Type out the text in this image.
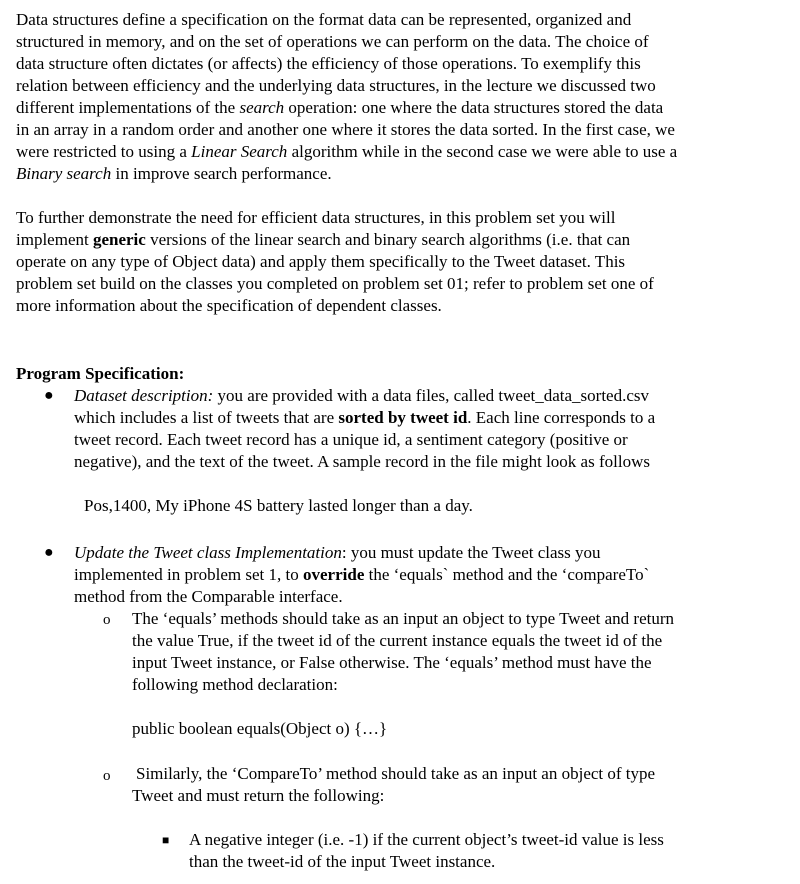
Data structures define a specification on the format data can be represented, organized and
structured in memory, and on the set of operations we can perform on the data. The choice of
data structure often dictates (or affects) the efficiency of those operations. To exemplify this
relation between efficiency and the underlying data structures, in the lecture we discussed two
different implementations of the search operation: one where the data structures stored the data
in an array in a random order and another one where it stores the data sorted. In the first case, we
were restricted to using a Linear Search algorithm while in the second case we were able to use a
Binary search in improve search performance.
To further demonstrate the need for efficient data structures, in this problem set you will
implement generic versions of the linear search and binary search algorithms (i.e. that can
operate on any type of Object data) and apply them specifically to the Tweet dataset. This
problem set build on the classes you completed on problem set 01; refer to problem set one of
more information about the specification of dependent classes.
Program Specification:
● Dataset description: you are provided with a data files, called tweet_data_sorted.csv
which includes a list of tweets that are sorted by tweet id. Each line corresponds to a
tweet record. Each tweet record has a unique id, a sentiment category (positive or
negative), and the text of the tweet. A sample record in the file might look as follows
Pos,1400, My iPhone 4S battery lasted longer than a day.
● Update the Tweet class Implementation: you must update the Tweet class you
implemented in problem set 1, to override the ‘equals` method and the ‘compareTo`
method from the Comparable interface.
o The ‘equals’ methods should take as an input an object to type Tweet and return
the value True, if the tweet id of the current instance equals the tweet id of the
input Tweet instance, or False otherwise. The ‘equals’ method must have the
following method declaration:
public boolean equals(Object o) {…}
o Similarly, the ‘CompareTo’ method should take as an input an object of type
Tweet and must return the following:
■ A negative integer (i.e. -1) if the current object’s tweet-id value is less
than the tweet-id of the input Tweet instance.
